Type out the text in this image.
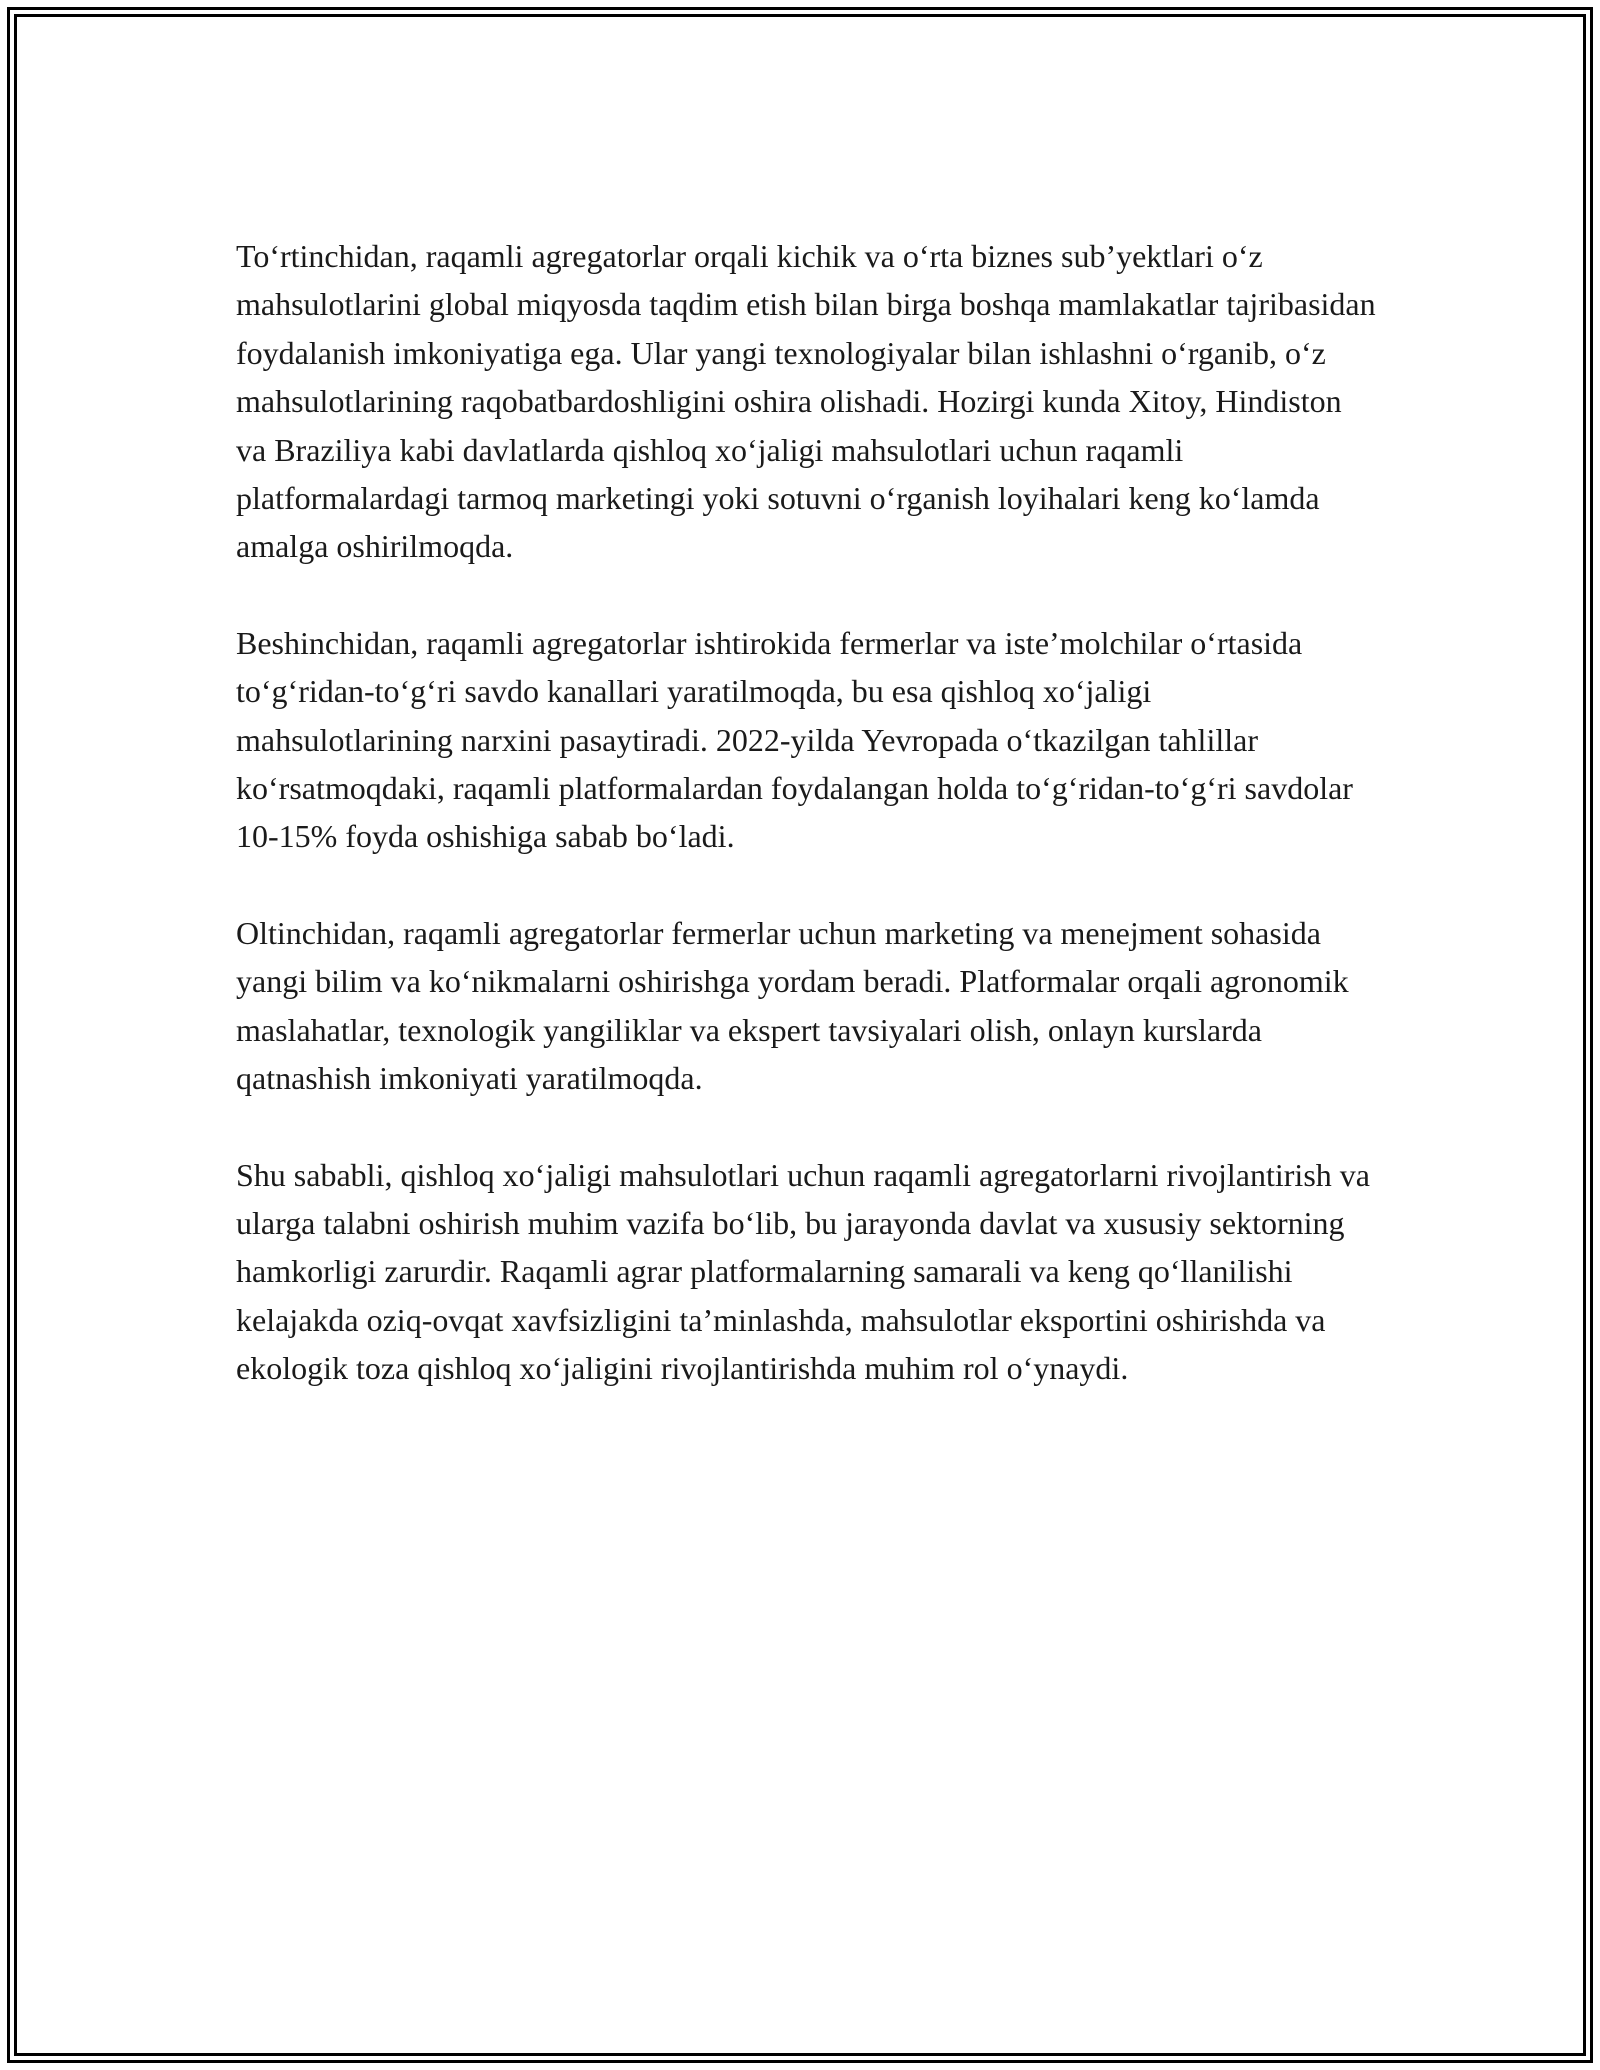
To‘rtinchidan, raqamli agregatorlar orqali kichik va o‘rta biznes sub’yektlari o‘z mahsulotlarini global miqyosda taqdim etish bilan birga boshqa mamlakatlar tajribasidan foydalanish imkoniyatiga ega. Ular yangi texnologiyalar bilan ishlashni o‘rganib, o‘z mahsulotlarining raqobatbardoshligini oshira olishadi. Hozirgi kunda Xitoy, Hindiston va Braziliya kabi davlatlarda qishloq xo‘jaligi mahsulotlari uchun raqamli platformalardagi tarmoq marketingi yoki sotuvni o‘rganish loyihalari keng ko‘lamda amalga oshirilmoqda.

Beshinchidan, raqamli agregatorlar ishtirokida fermerlar va iste’molchilar o‘rtasida to‘g‘ridan-to‘g‘ri savdo kanallari yaratilmoqda, bu esa qishloq xo‘jaligi mahsulotlarining narxini pasaytiradi. 2022-yilda Yevropada o‘tkazilgan tahlillar ko‘rsatmoqdaki, raqamli platformalardan foydalangan holda to‘g‘ridan-to‘g‘ri savdolar 10-15% foyda oshishiga sabab bo‘ladi.

Oltinchidan, raqamli agregatorlar fermerlar uchun marketing va menejment sohasida yangi bilim va ko‘nikmalarni oshirishga yordam beradi. Platformalar orqali agronomik maslahatlar, texnologik yangiliklar va ekspert tavsiyalari olish, onlayn kurslarda qatnashish imkoniyati yaratilmoqda.

Shu sababli, qishloq xo‘jaligi mahsulotlari uchun raqamli agregatorlarni rivojlantirish va ularga talabni oshirish muhim vazifa bo‘lib, bu jarayonda davlat va xususiy sektorning hamkorligi zarurdir. Raqamli agrar platformalarning samarali va keng qo‘llanilishi kelajakda oziq-ovqat xavfsizligini ta’minlashda, mahsulotlar eksportini oshirishda va ekologik toza qishloq xo‘jaligini rivojlantirishda muhim rol o‘ynaydi.
